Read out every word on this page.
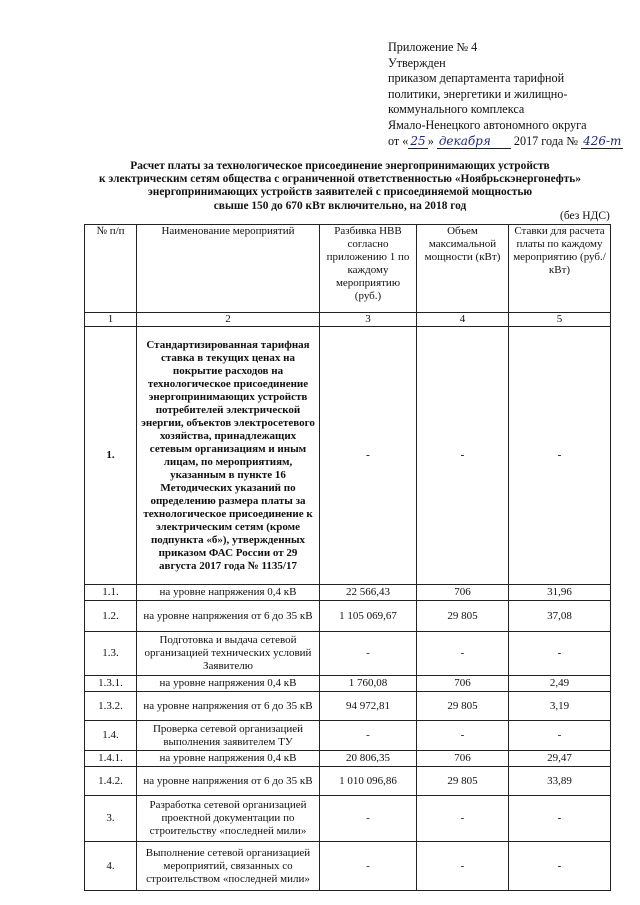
Приложение № 4
Утвержден
приказом департамента тарифной
политики, энергетики и жилищно-
коммунального комплекса
Ямало-Ненецкого автономного округа
от « 25 » декабря 2017 года № 426-т
Расчет платы за технологическое присоединение энергопринимающих устройств
к электрическим сетям общества с ограниченной ответственностью «Ноябрьскэнергонефть»
энергопринимающих устройств заявителей с присоединяемой мощностью
свыше 150 до 670 кВт включительно, на 2018 год
(без НДС)
№ п/п	Наименование мероприятий	Разбивка НВВ согласно приложению 1 по каждому мероприятию (руб.)	Объем максимальной мощности (кВт)	Ставки для расчета платы по каждому мероприятию (руб./кВт)
1	2	3	4	5
1.	Стандартизированная тарифная ставка в текущих ценах на покрытие расходов на технологическое присоединение энергопринимающих устройств потребителей электрической энергии, объектов электросетевого хозяйства, принадлежащих сетевым организациям и иным лицам, по мероприятиям, указанным в пункте 16 Методических указаний по определению размера платы за технологическое присоединение к электрическим сетям (кроме подпункта «б»), утвержденных приказом ФАС России от 29 августа 2017 года № 1135/17	-	-	-
1.1.	на уровне напряжения 0,4 кВ	22 566,43	706	31,96
1.2.	на уровне напряжения от 6 до 35 кВ	1 105 069,67	29 805	37,08
1.3.	Подготовка и выдача сетевой организацией технических условий Заявителю	-	-	-
1.3.1.	на уровне напряжения 0,4 кВ	1 760,08	706	2,49
1.3.2.	на уровне напряжения от 6 до 35 кВ	94 972,81	29 805	3,19
1.4.	Проверка сетевой организацией выполнения заявителем ТУ	-	-	-
1.4.1.	на уровне напряжения 0,4 кВ	20 806,35	706	29,47
1.4.2.	на уровне напряжения от 6 до 35 кВ	1 010 096,86	29 805	33,89
3.	Разработка сетевой организацией проектной документации по строительству «последней мили»	-	-	-
4.	Выполнение сетевой организацией мероприятий, связанных со строительством «последней мили»	-	-	-
